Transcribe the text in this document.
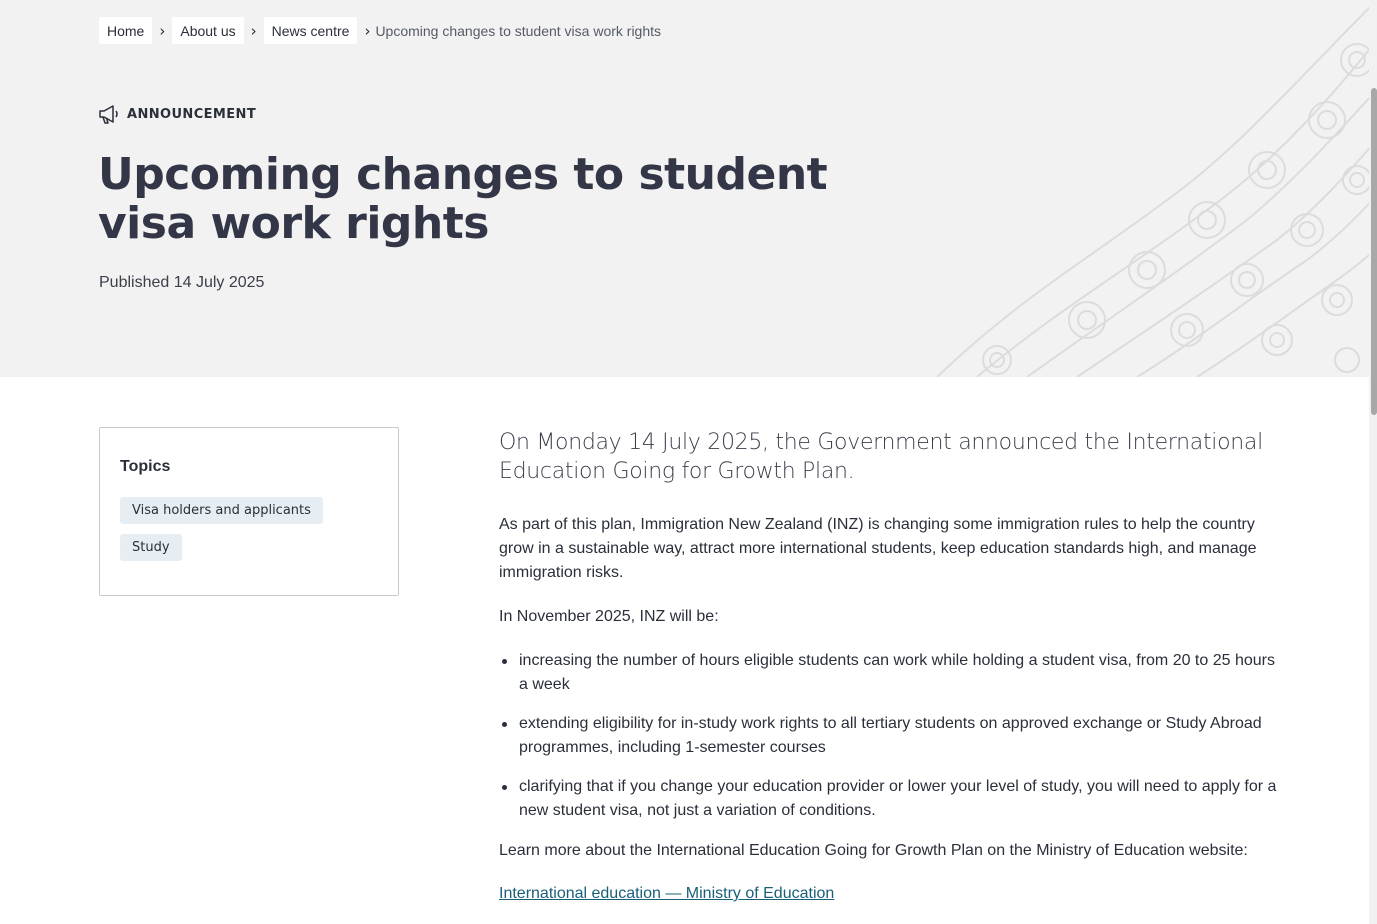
Home	›	About us	›	News centre	› Upcoming changes to student visa work rights
ANNOUNCEMENT
Upcoming changes to student visa work rights

Published 14 July 2025

Topics
Visa holders and applicants
Study

On Monday 14 July 2025, the Government announced the International Education Going for Growth Plan.

As part of this plan, Immigration New Zealand (INZ) is changing some immigration rules to help the country grow in a sustainable way, attract more international students, keep education standards high, and manage immigration risks.

In November 2025, INZ will be:

increasing the number of hours eligible students can work while holding a student visa, from 20 to 25 hours a week
extending eligibility for in-study work rights to all tertiary students on approved exchange or Study Abroad programmes, including 1-semester courses
clarifying that if you change your education provider or lower your level of study, you will need to apply for a new student visa, not just a variation of conditions.

Learn more about the International Education Going for Growth Plan on the Ministry of Education website:

International education — Ministry of Education
